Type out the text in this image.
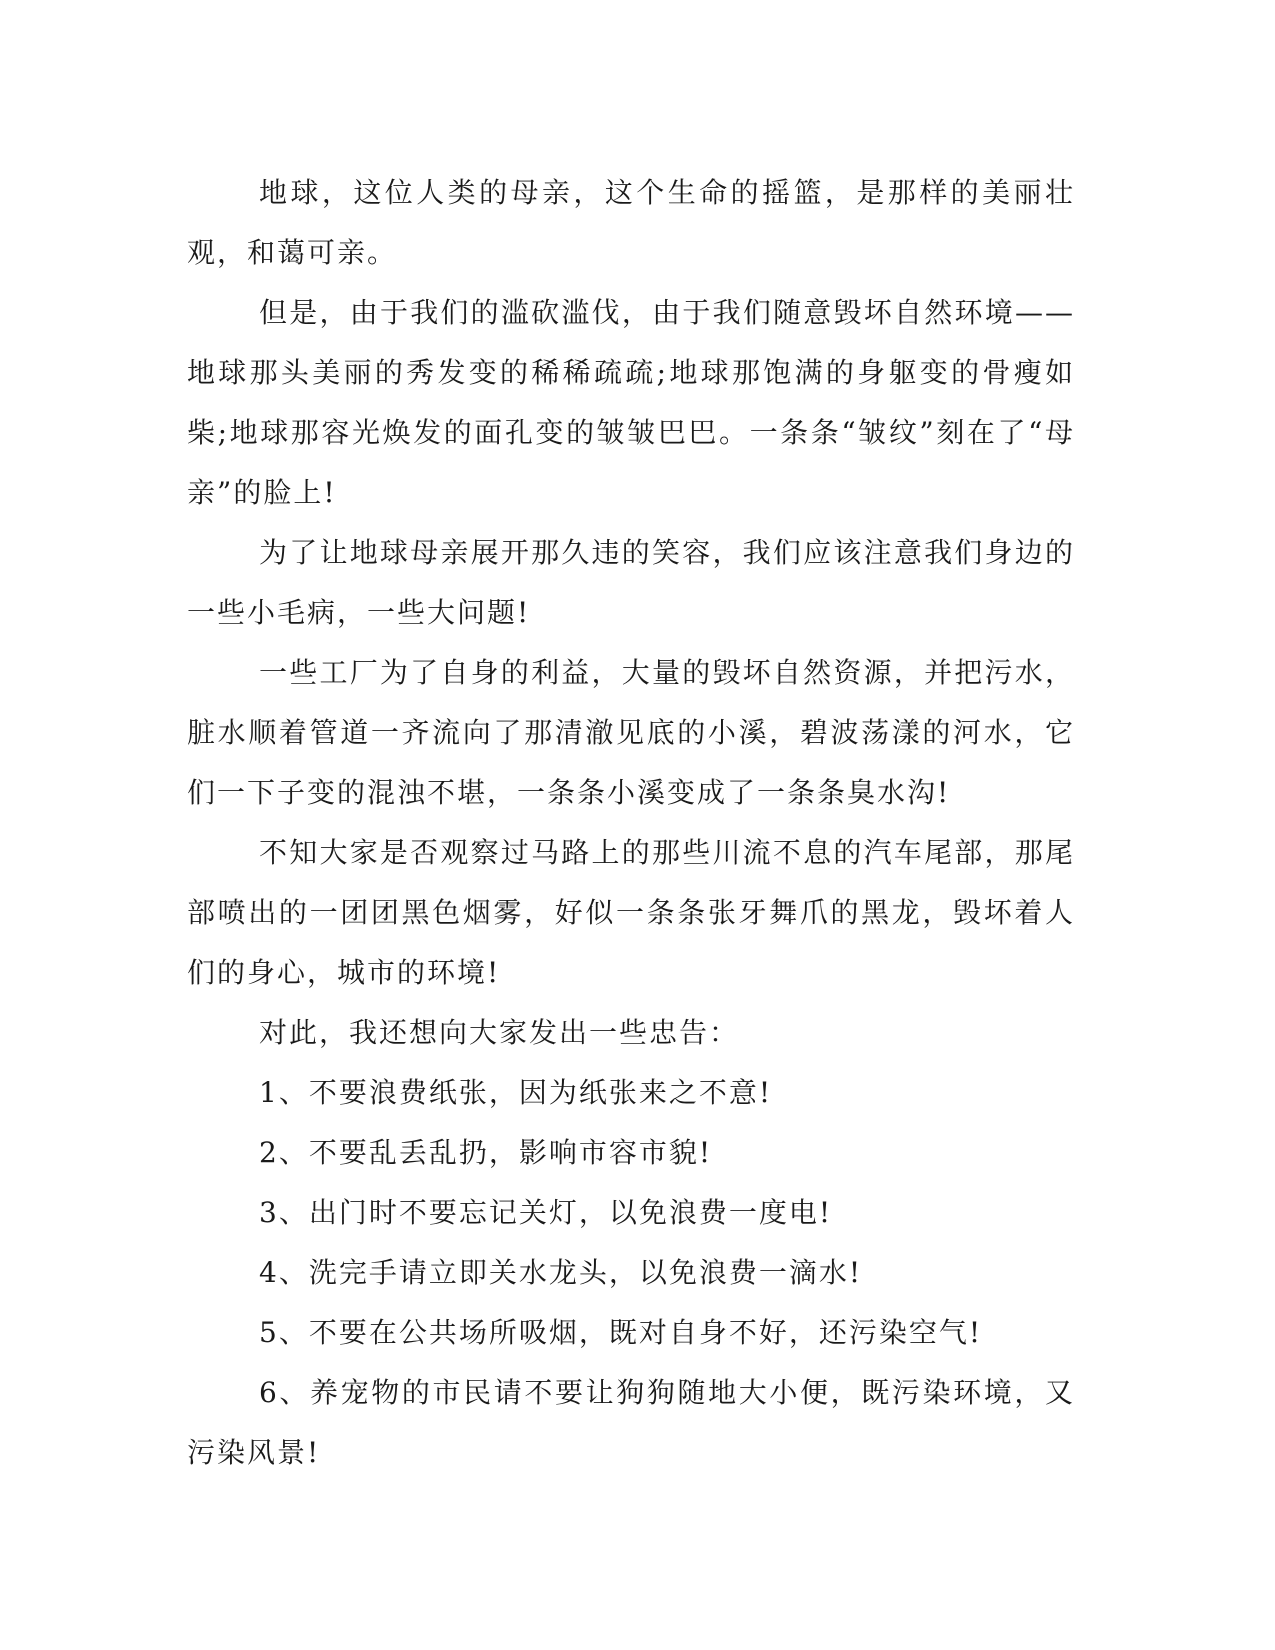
地球，这位人类的母亲，这个生命的摇篮，是那样的美丽壮观，和蔼可亲。

但是，由于我们的滥砍滥伐，由于我们随意毁坏自然环境——地球那头美丽的秀发变的稀稀疏疏;地球那饱满的身躯变的骨瘦如柴;地球那容光焕发的面孔变的皱皱巴巴。一条条“皱纹”刻在了“母亲”的脸上!

为了让地球母亲展开那久违的笑容，我们应该注意我们身边的一些小毛病，一些大问题!

一些工厂为了自身的利益，大量的毁坏自然资源，并把污水，脏水顺着管道一齐流向了那清澈见底的小溪，碧波荡漾的河水，它们一下子变的混浊不堪，一条条小溪变成了一条条臭水沟!

不知大家是否观察过马路上的那些川流不息的汽车尾部，那尾部喷出的一团团黑色烟雾，好似一条条张牙舞爪的黑龙，毁坏着人们的身心，城市的环境!

对此，我还想向大家发出一些忠告：

1、不要浪费纸张，因为纸张来之不意!

2、不要乱丢乱扔，影响市容市貌!

3、出门时不要忘记关灯，以免浪费一度电!

4、洗完手请立即关水龙头，以免浪费一滴水!

5、不要在公共场所吸烟，既对自身不好，还污染空气!

6、养宠物的市民请不要让狗狗随地大小便，既污染环境，又污染风景!
